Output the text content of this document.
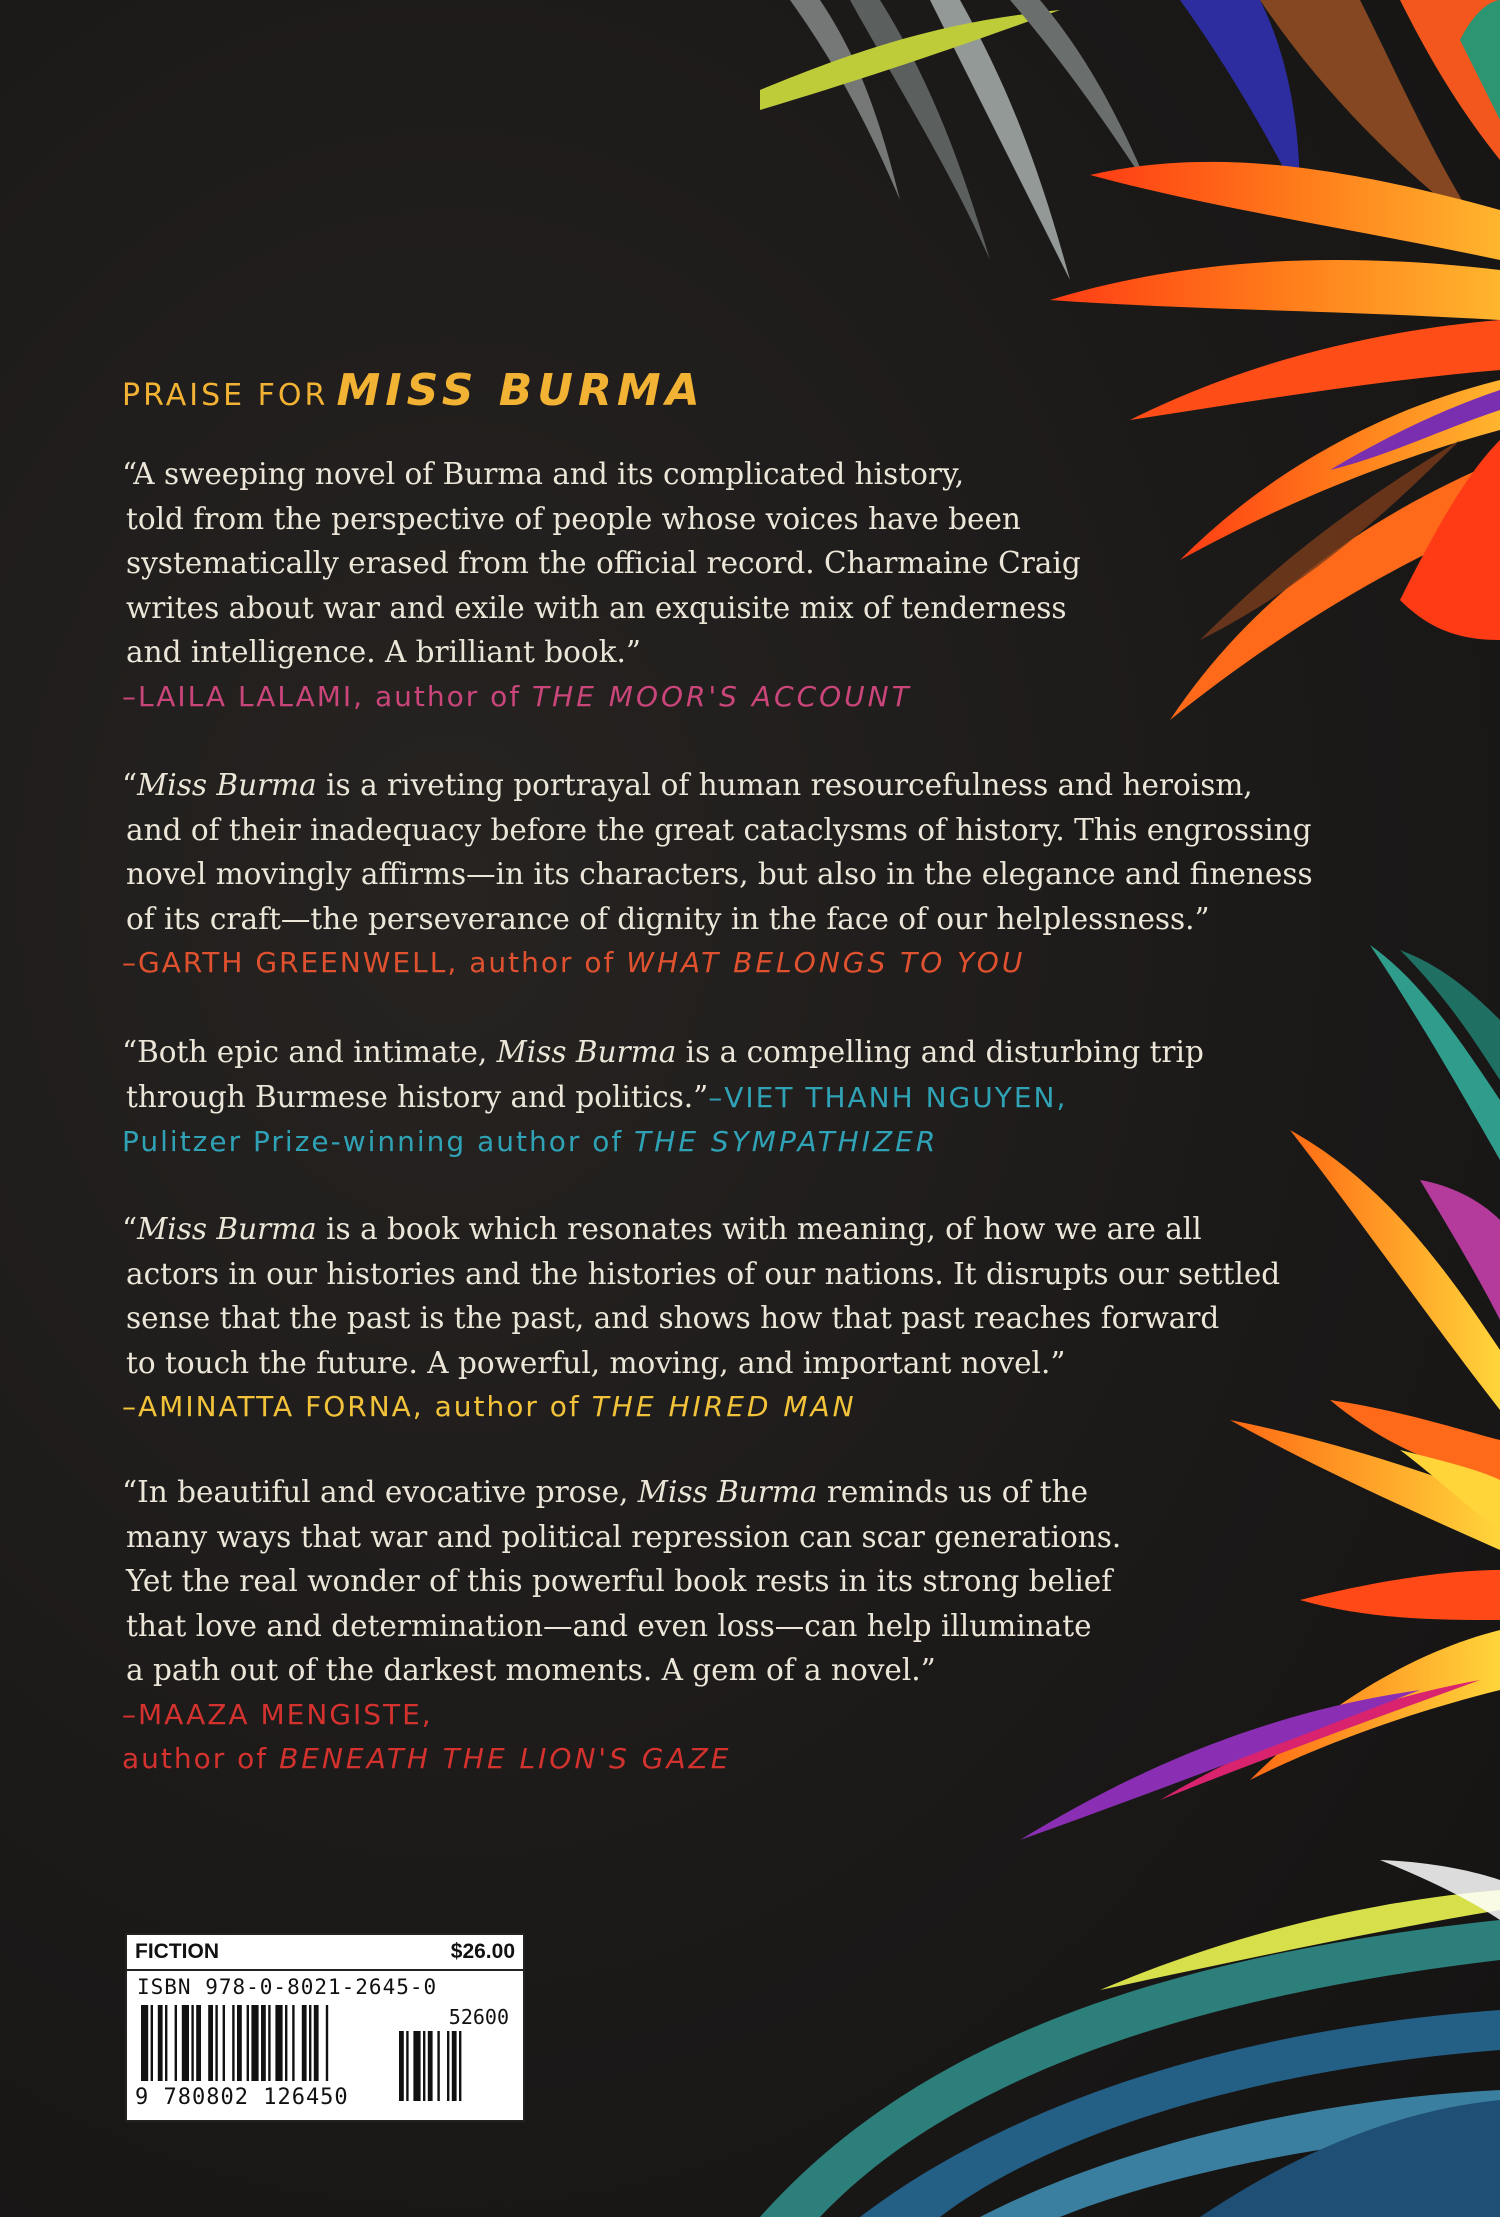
PRAISE FOR MISS BURMA
“A sweeping novel of Burma and its complicated history,
told from the perspective of people whose voices have been
systematically erased from the official record. Charmaine Craig
writes about war and exile with an exquisite mix of tenderness
and intelligence. A brilliant book.”
–LAILA LALAMI, author of THE MOOR'S ACCOUNT
“Miss Burma is a riveting portrayal of human resourcefulness and heroism,
and of their inadequacy before the great cataclysms of history. This engrossing
novel movingly affirms—in its characters, but also in the elegance and fineness
of its craft—the perseverance of dignity in the face of our helplessness.”
–GARTH GREENWELL, author of WHAT BELONGS TO YOU
“Both epic and intimate, Miss Burma is a compelling and disturbing trip
through Burmese history and politics.”–VIET THANH NGUYEN,
Pulitzer Prize-winning author of THE SYMPATHIZER
“Miss Burma is a book which resonates with meaning, of how we are all
actors in our histories and the histories of our nations. It disrupts our settled
sense that the past is the past, and shows how that past reaches forward
to touch the future. A powerful, moving, and important novel.”
–AMINATTA FORNA, author of THE HIRED MAN
“In beautiful and evocative prose, Miss Burma reminds us of the
many ways that war and political repression can scar generations.
Yet the real wonder of this powerful book rests in its strong belief
that love and determination—and even loss—can help illuminate
a path out of the darkest moments. A gem of a novel.”
–MAAZA MENGISTE,
author of BENEATH THE LION'S GAZE
FICTION	$26.00
ISBN 978-0-8021-2645-0
52600
9 780802 126450
